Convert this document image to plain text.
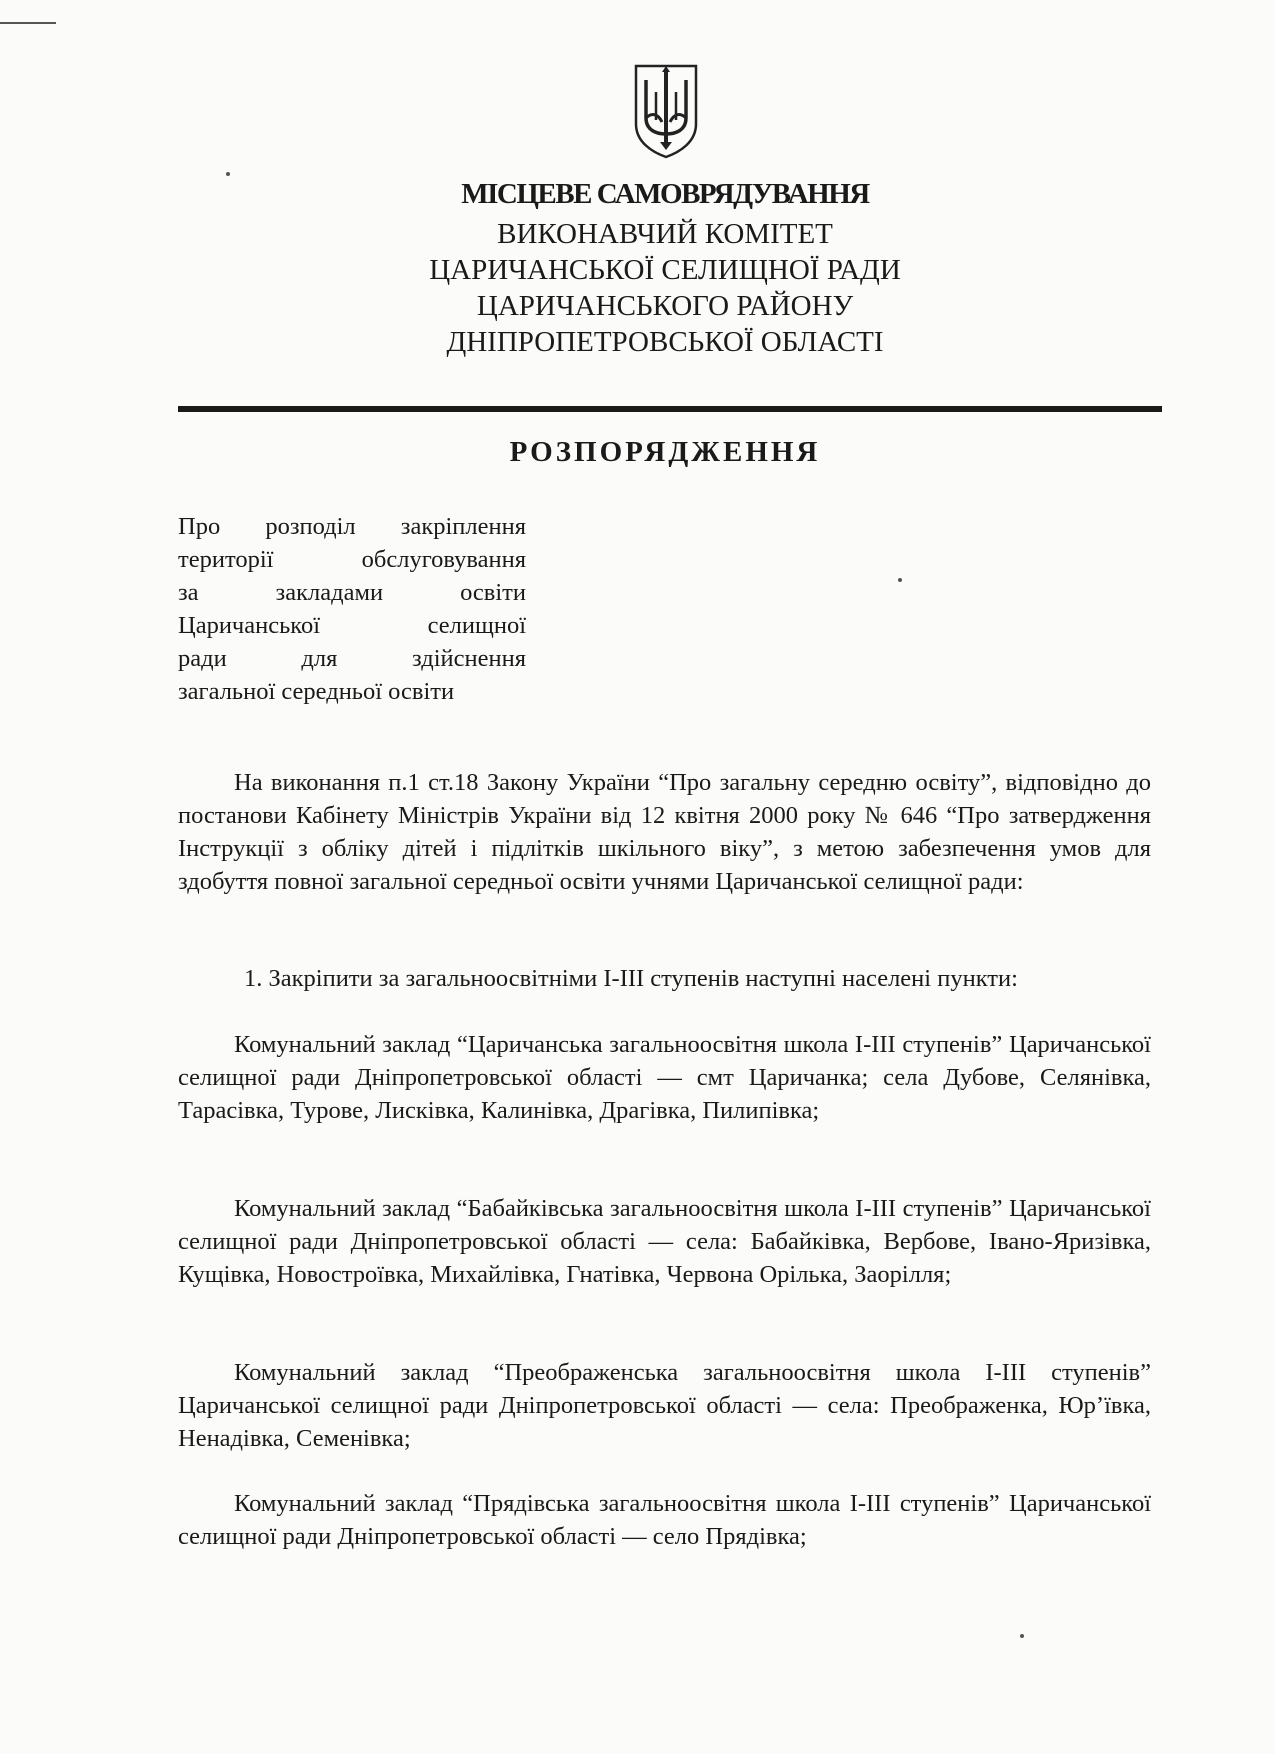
МІСЦЕВЕ САМОВРЯДУВАННЯ
ВИКОНАВЧИЙ КОМІТЕТ
ЦАРИЧАНСЬКОЇ СЕЛИЩНОЇ РАДИ
ЦАРИЧАНСЬКОГО РАЙОНУ
ДНІПРОПЕТРОВСЬКОЇ ОБЛАСТІ
РОЗПОРЯДЖЕННЯ
Про розподіл закріплення
території обслуговування
за закладами освіти
Царичанської селищної
ради для здійснення
загальної середньої освіти
На виконання п.1 ст.18 Закону України “Про загальну середню освіту”, відповідно до постанови Кабінету Міністрів України від 12 квітня 2000 року № 646 “Про затвердження Інструкції з обліку дітей і підлітків шкільного віку”, з метою забезпечення умов для здобуття повної загальної середньої освіти учнями Царичанської селищної ради:
1. Закріпити за загальноосвітніми I-III ступенів наступні населені пункти:
Комунальний заклад “Царичанська загальноосвітня школа I-III ступенів” Царичанської селищної ради Дніпропетровської області — смт Царичанка; села Дубове, Селянівка, Тарасівка, Турове, Лисківка, Калинівка, Драгівка, Пилипівка;
Комунальний заклад “Бабайківська загальноосвітня школа I-III ступенів” Царичанської селищної ради Дніпропетровської області — села: Бабайківка, Вербове, Івано-Яризівка, Кущівка, Новостроївка, Михайлівка, Гнатівка, Червона Орілька, Заорілля;
Комунальний заклад “Преображенська загальноосвітня школа I-III ступенів” Царичанської селищної ради Дніпропетровської області — села: Преображенка, Юр’ївка, Ненадівка, Семенівка;
Комунальний заклад “Прядівська загальноосвітня школа I-III ступенів” Царичанської селищної ради Дніпропетровської області — село Прядівка;
